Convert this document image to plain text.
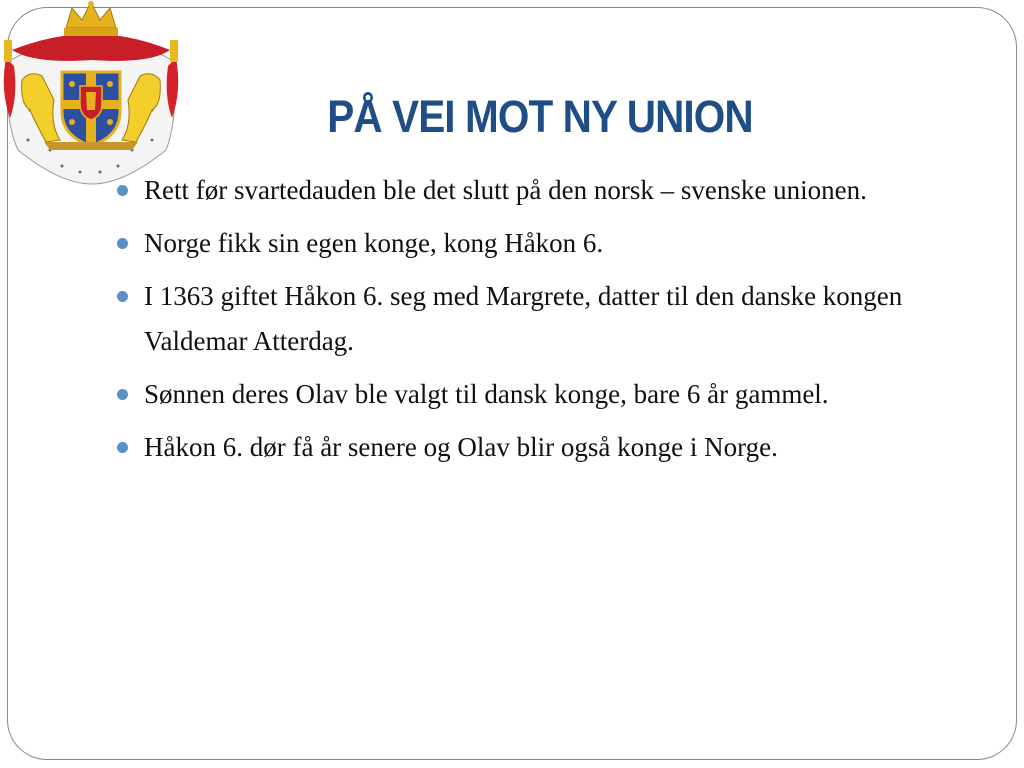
PÅ VEI MOT NY UNION
Rett før svartedauden ble det slutt på den norsk – svenske unionen.
Norge fikk sin egen konge, kong Håkon 6.
I 1363 giftet Håkon 6. seg med Margrete, datter til den danske kongen Valdemar Atterdag.
Sønnen deres Olav ble valgt til dansk konge, bare 6 år gammel.
Håkon 6. dør få år senere og Olav blir også konge i Norge.
